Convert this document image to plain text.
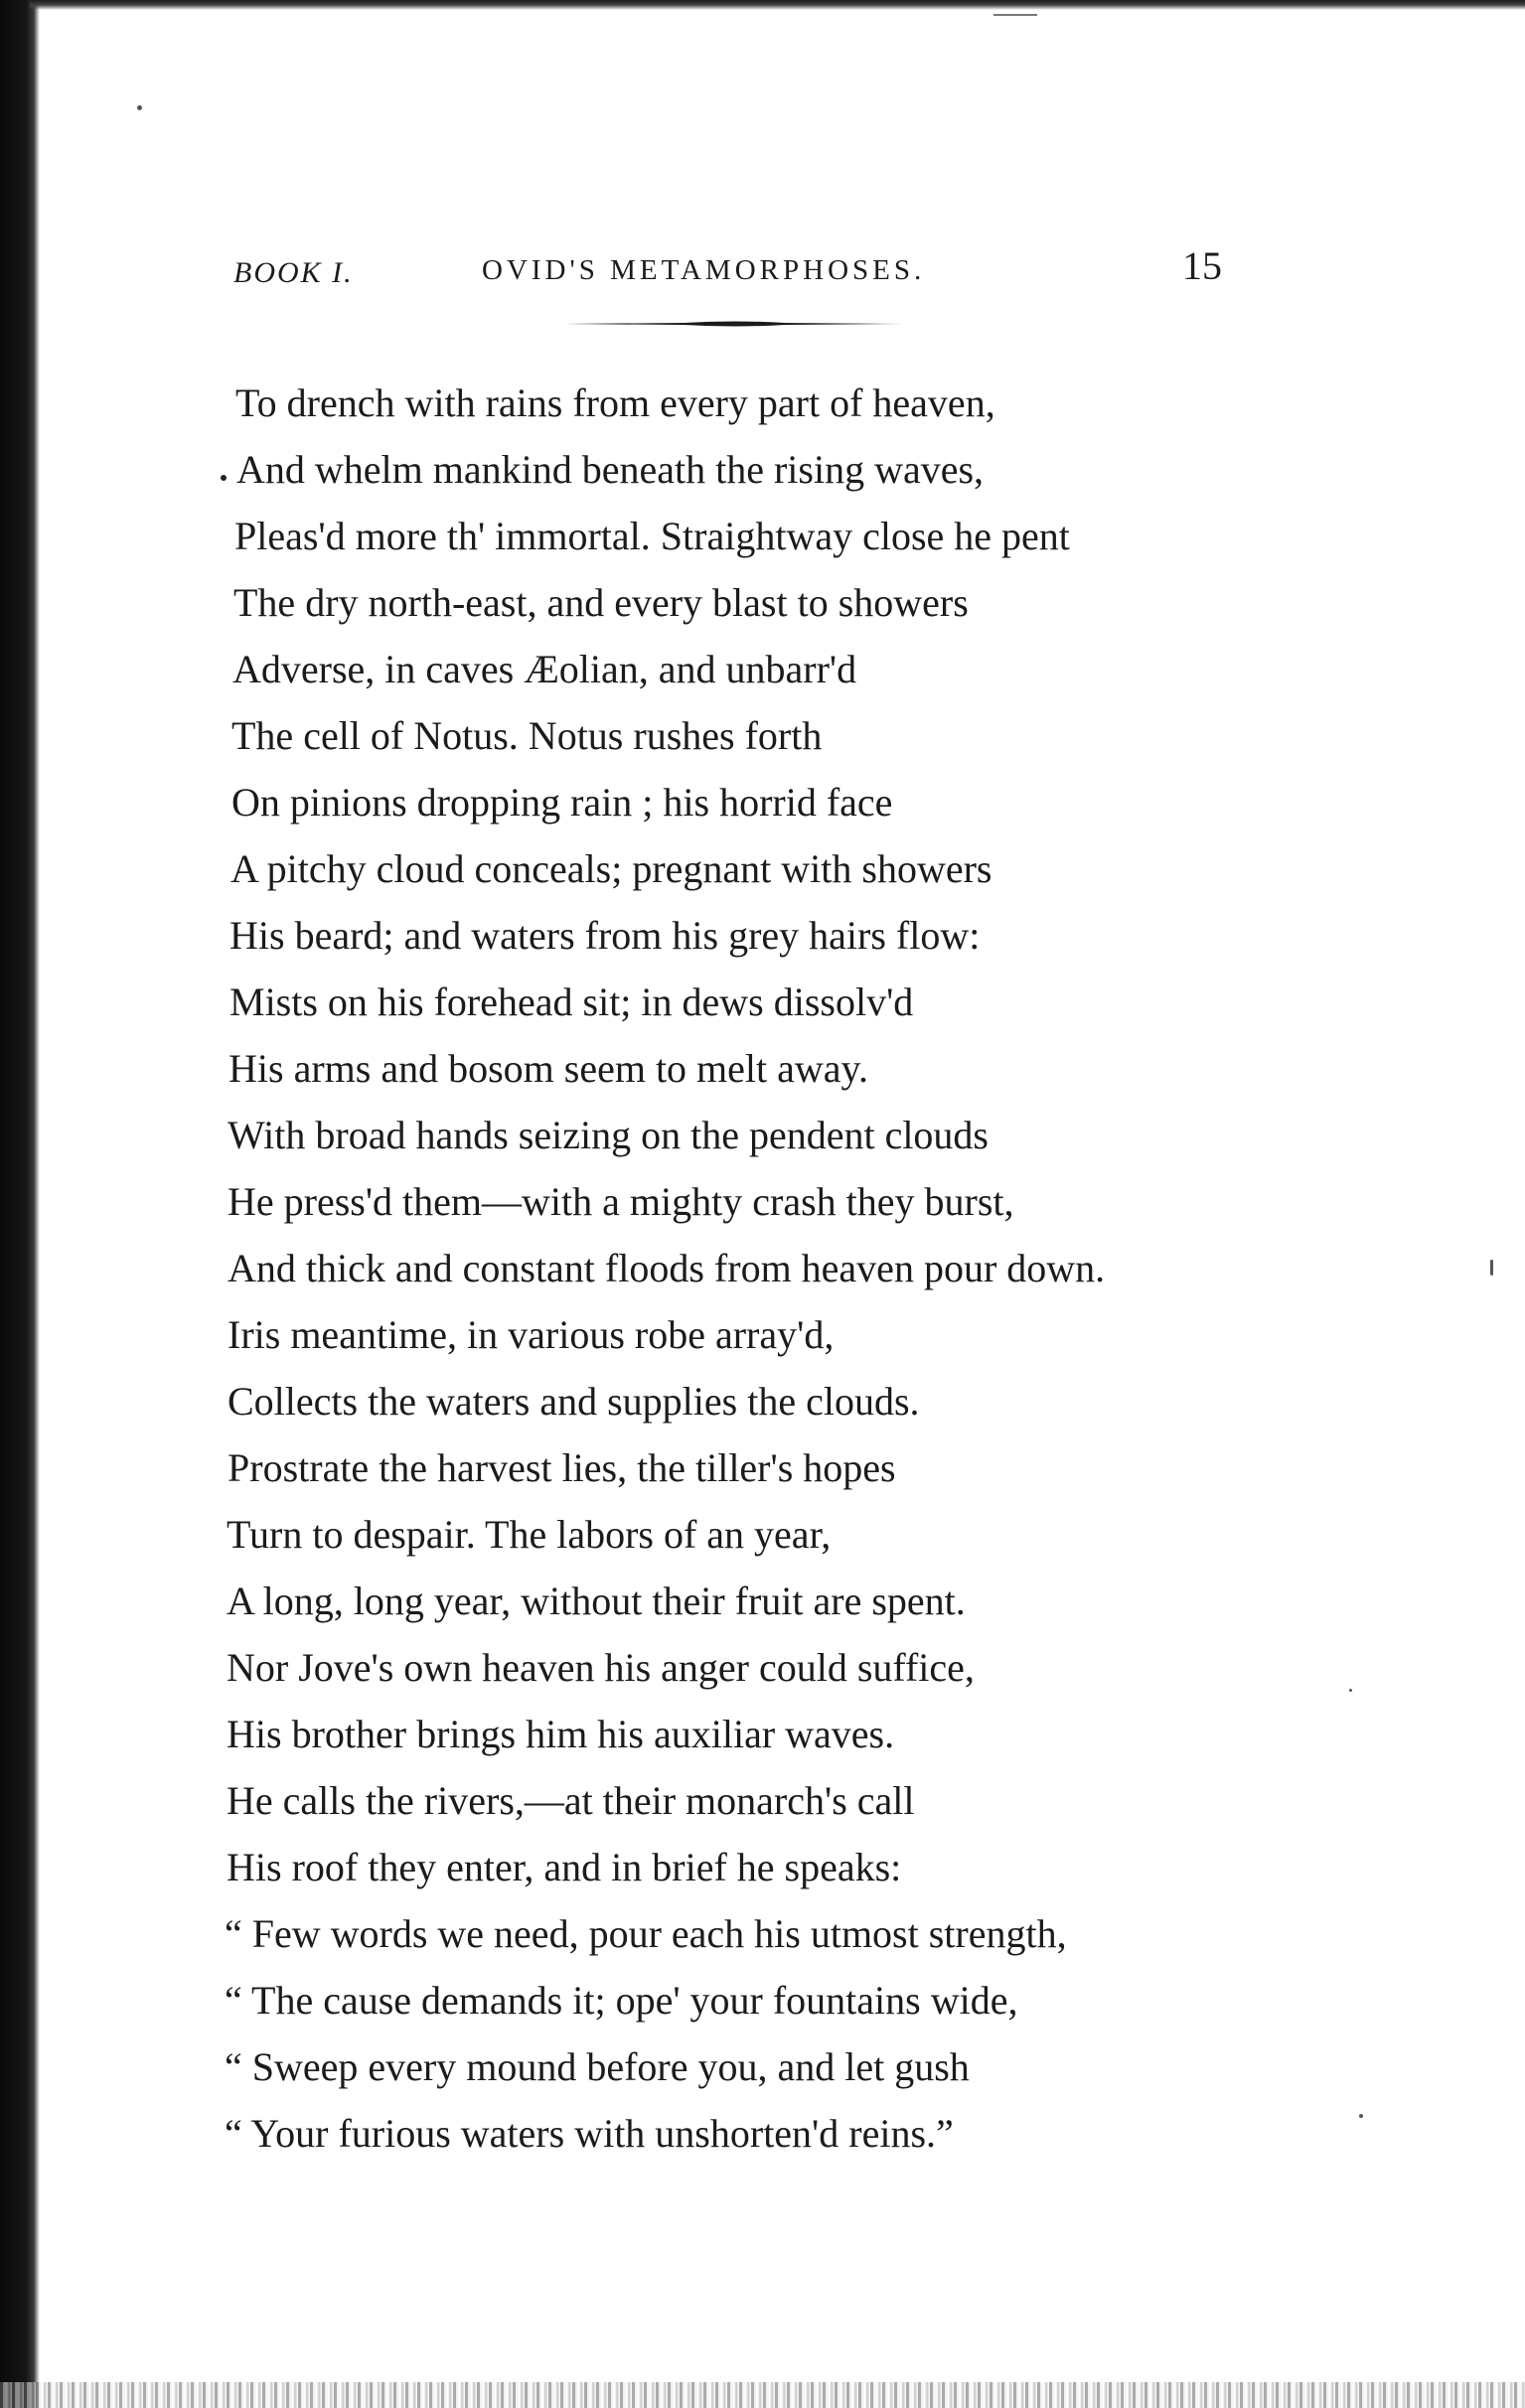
BOOK I.	OVID'S METAMORPHOSES.	15
To drench with rains from every part of heaven,
And whelm mankind beneath the rising waves,
Pleas'd more th' immortal. Straightway close he pent
The dry north-east, and every blast to showers
Adverse, in caves Æolian, and unbarr'd
The cell of Notus. Notus rushes forth
On pinions dropping rain ; his horrid face
A pitchy cloud conceals; pregnant with showers
His beard; and waters from his grey hairs flow:
Mists on his forehead sit; in dews dissolv'd
His arms and bosom seem to melt away.
With broad hands seizing on the pendent clouds
He press'd them—with a mighty crash they burst,
And thick and constant floods from heaven pour down.
Iris meantime, in various robe array'd,
Collects the waters and supplies the clouds.
Prostrate the harvest lies, the tiller's hopes
Turn to despair. The labors of an year,
A long, long year, without their fruit are spent.
Nor Jove's own heaven his anger could suffice,
His brother brings him his auxiliar waves.
He calls the rivers,—at their monarch's call
His roof they enter, and in brief he speaks:
“ Few words we need, pour each his utmost strength,
“ The cause demands it; ope' your fountains wide,
“ Sweep every mound before you, and let gush
“ Your furious waters with unshorten'd reins.”
